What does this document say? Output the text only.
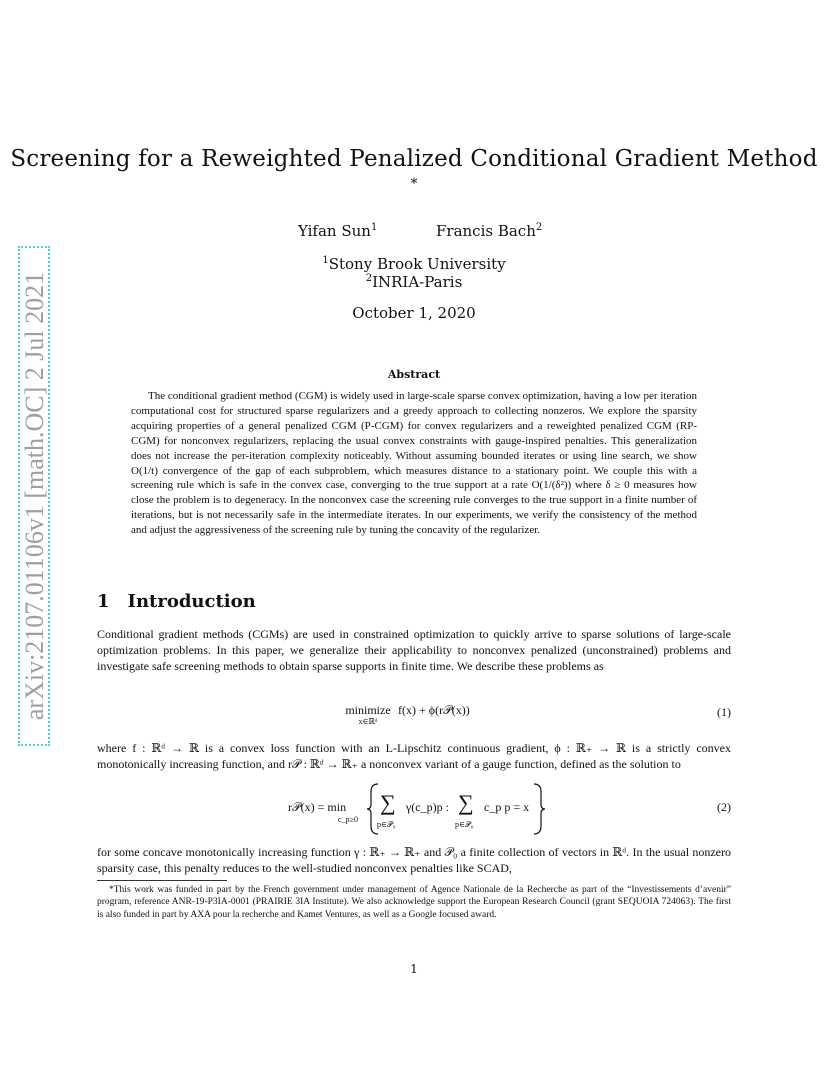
arXiv:2107.01106v1 [math.OC] 2 Jul 2021
Screening for a Reweighted Penalized Conditional Gradient Method
*
Yifan Sun$^1$	Francis Bach$^2$
$^1$Stony Brook University
$^2$INRIA-Paris
October 1, 2020
Abstract
The conditional gradient method (CGM) is widely used in large-scale sparse convex optimization, having a low per iteration computational cost for structured sparse regularizers and a greedy approach to collecting nonzeros. We explore the sparsity acquiring properties of a general penalized CGM (P-CGM) for convex regularizers and a reweighted penalized CGM (RP-CGM) for nonconvex regularizers, replacing the usual convex constraints with gauge-inspired penalties. This generalization does not increase the per-iteration complexity noticeably. Without assuming bounded iterates or using line search, we show O(1/t) convergence of the gap of each subproblem, which measures distance to a stationary point. We couple this with a screening rule which is safe in the convex case, converging to the true support at a rate O(1/(δ²)) where δ ≥ 0 measures how close the problem is to degeneracy. In the nonconvex case the screening rule converges to the true support in a finite number of iterations, but is not necessarily safe in the intermediate iterates. In our experiments, we verify the consistency of the method and adjust the aggressiveness of the screening rule by tuning the concavity of the regularizer.
1 Introduction
Conditional gradient methods (CGMs) are used in constrained optimization to quickly arrive to sparse solutions of large-scale optimization problems. In this paper, we generalize their applicability to nonconvex penalized (unconstrained) problems and investigate safe screening methods to obtain sparse supports in finite time. We describe these problems as
minimize
x∈ℝᵈ
f(x) + ϕ(r𝒫(x))	(1)
where f : ℝᵈ → ℝ is a convex loss function with an L-Lipschitz continuous gradient, ϕ : ℝ₊ → ℝ is a strictly convex monotonically increasing function, and r𝒫 : ℝᵈ → ℝ₊ a nonconvex variant of a gauge function, defined as the solution to
r𝒫(x) = min
c_p≥0
∑
p∈𝒫₀
γ(c_p)p : ∑
p∈𝒫₀
c_p p = x	(2)
for some concave monotonically increasing function γ : ℝ₊ → ℝ₊ and 𝒫₀ a finite collection of vectors in ℝᵈ. In the usual nonzero sparsity case, this penalty reduces to the well-studied nonconvex penalties like SCAD,
*This work was funded in part by the French government under management of Agence Nationale de la Recherche as part of the “Investissements d’avenir” program, reference ANR-19-P3IA-0001 (PRAIRIE 3IA Institute). We also acknowledge support the European Research Council (grant SEQUOIA 724063). The first is also funded in part by AXA pour la recherche and Kamet Ventures, as well as a Google focused award.
1
